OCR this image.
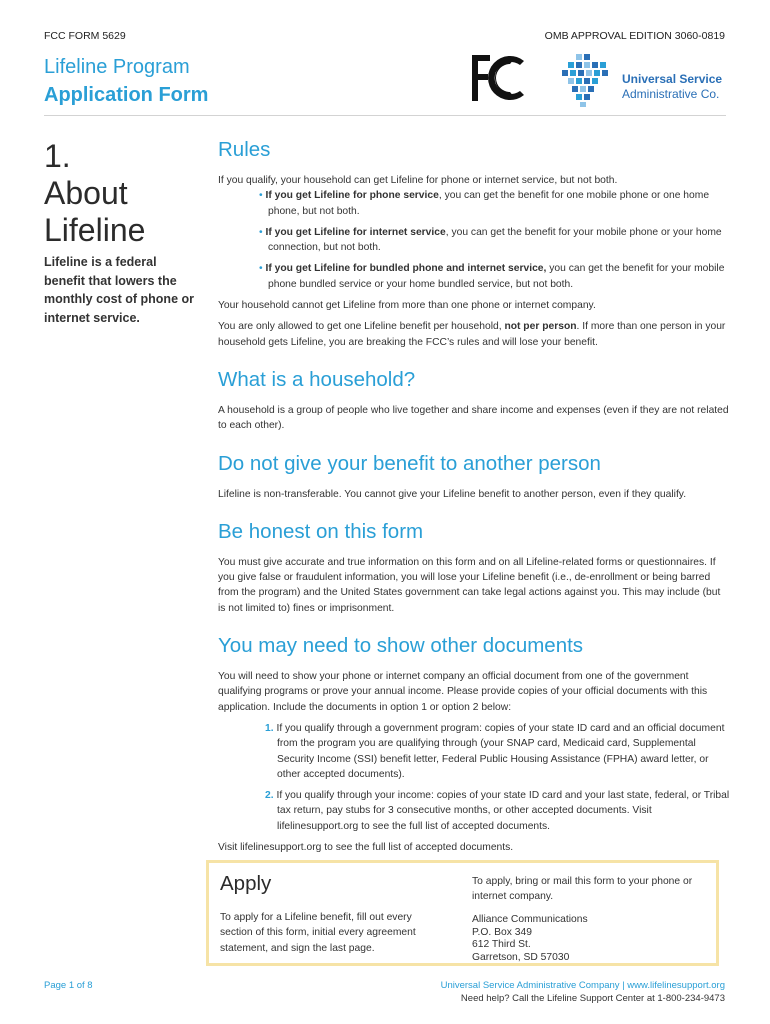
FCC FORM 5629	OMB APPROVAL EDITION 3060-0819
Lifeline Program
Application Form
Universal Service
Administrative Co.
1.
About
Lifeline
Lifeline is a federal benefit that lowers the monthly cost of phone or internet service.
Rules

If you qualify, your household can get Lifeline for phone or internet service, but not both.

• If you get Lifeline for phone service, you can get the benefit for one mobile phone or one home phone, but not both.
• If you get Lifeline for internet service, you can get the benefit for your mobile phone or your home connection, but not both.
• If you get Lifeline for bundled phone and internet service, you can get the benefit for your mobile phone bundled service or your home bundled service, but not both.

Your household cannot get Lifeline from more than one phone or internet company.

You are only allowed to get one Lifeline benefit per household, not per person. If more than one person in your household gets Lifeline, you are breaking the FCC’s rules and will lose your benefit.

What is a household?

A household is a group of people who live together and share income and expenses (even if they are not related to each other).

Do not give your benefit to another person

Lifeline is non-transferable. You cannot give your Lifeline benefit to another person, even if they qualify.

Be honest on this form

You must give accurate and true information on this form and on all Lifeline-related forms or questionnaires. If you give false or fraudulent information, you will lose your Lifeline benefit (i.e., de-enrollment or being barred from the program) and the United States government can take legal actions against you. This may include (but is not limited to) fines or imprisonment.

You may need to show other documents

You will need to show your phone or internet company an official document from one of the government qualifying programs or prove your annual income. Please provide copies of your official documents with this application. Include the documents in option 1 or option 2 below:

1. If you qualify through a government program: copies of your state ID card and an official document from the program you are qualifying through (your SNAP card, Medicaid card, Supplemental Security Income (SSI) benefit letter, Federal Public Housing Assistance (FPHA) award letter, or other accepted documents).
2. If you qualify through your income: copies of your state ID card and your last state, federal, or Tribal tax return, pay stubs for 3 consecutive months, or other accepted documents. Visit lifelinesupport.org to see the full list of accepted documents.

Visit lifelinesupport.org to see the full list of accepted documents.

Apply
To apply for a Lifeline benefit, fill out every section of this form, initial every agreement statement, and sign the last page.
To apply, bring or mail this form to your phone or internet company.
Alliance Communications
P.O. Box 349
612 Third St.
Garretson, SD 57030
Page 1 of 8	Universal Service Administrative Company | www.lifelinesupport.org
Need help? Call the Lifeline Support Center at 1-800-234-9473
